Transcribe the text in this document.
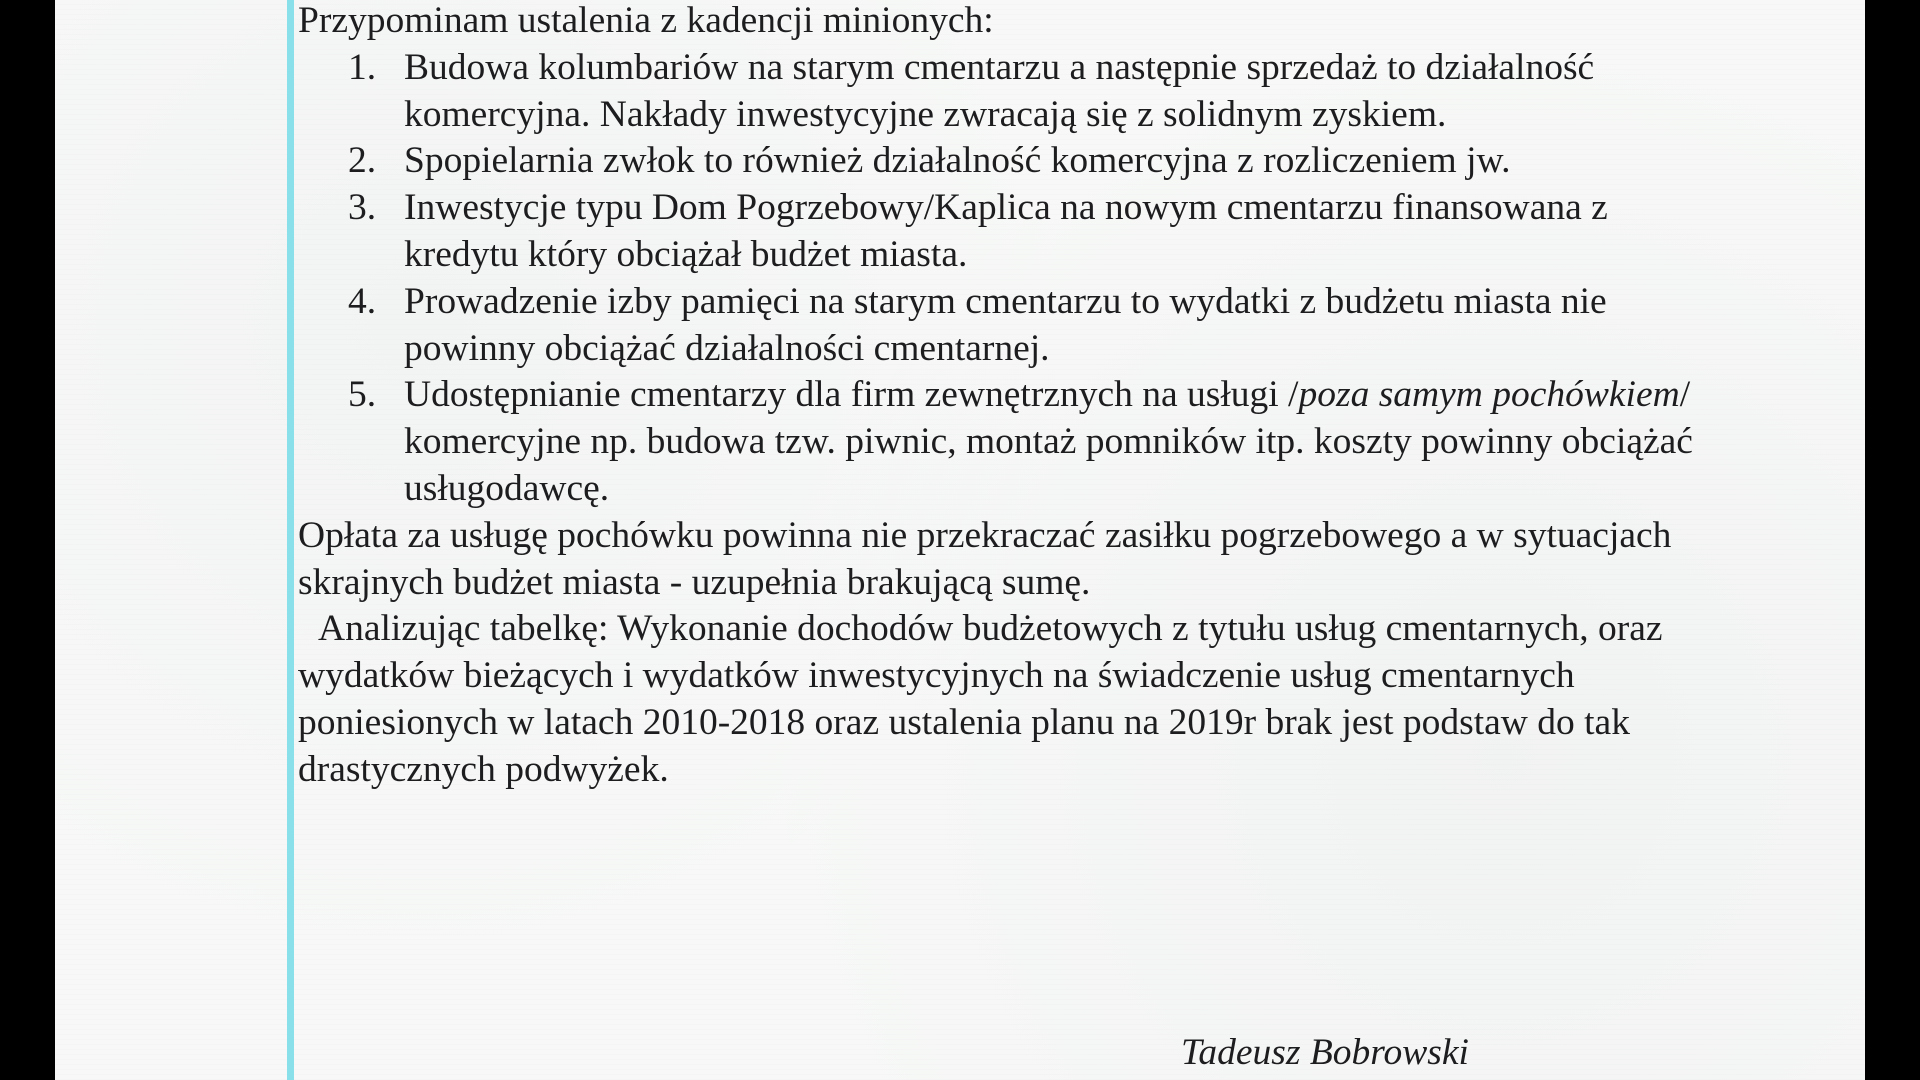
Przypominam ustalenia z kadencji minionych:

1. Budowa kolumbariów na starym cmentarzu a następnie sprzedaż to działalność komercyjna. Nakłady inwestycyjne zwracają się z solidnym zyskiem.
2. Spopielarnia zwłok to również działalność komercyjna z rozliczeniem jw.
3. Inwestycje typu Dom Pogrzebowy/Kaplica na nowym cmentarzu finansowana z kredytu który obciążał budżet miasta.
4. Prowadzenie izby pamięci na starym cmentarzu to wydatki z budżetu miasta nie powinny obciążać działalności cmentarnej.
5. Udostępnianie cmentarzy dla firm zewnętrznych na usługi /poza samym pochówkiem/ komercyjne np. budowa tzw. piwnic, montaż pomników itp. koszty powinny obciążać usługodawcę.

Opłata za usługę pochówku powinna nie przekraczać zasiłku pogrzebowego a w sytuacjach skrajnych budżet miasta - uzupełnia brakującą sumę.

Analizując tabelkę: Wykonanie dochodów budżetowych z tytułu usług cmentarnych, oraz wydatków bieżących i wydatków inwestycyjnych na świadczenie usług cmentarnych poniesionych w latach 2010-2018 oraz ustalenia planu na 2019r brak jest podstaw do tak drastycznych podwyżek.

Tadeusz Bobrowski
